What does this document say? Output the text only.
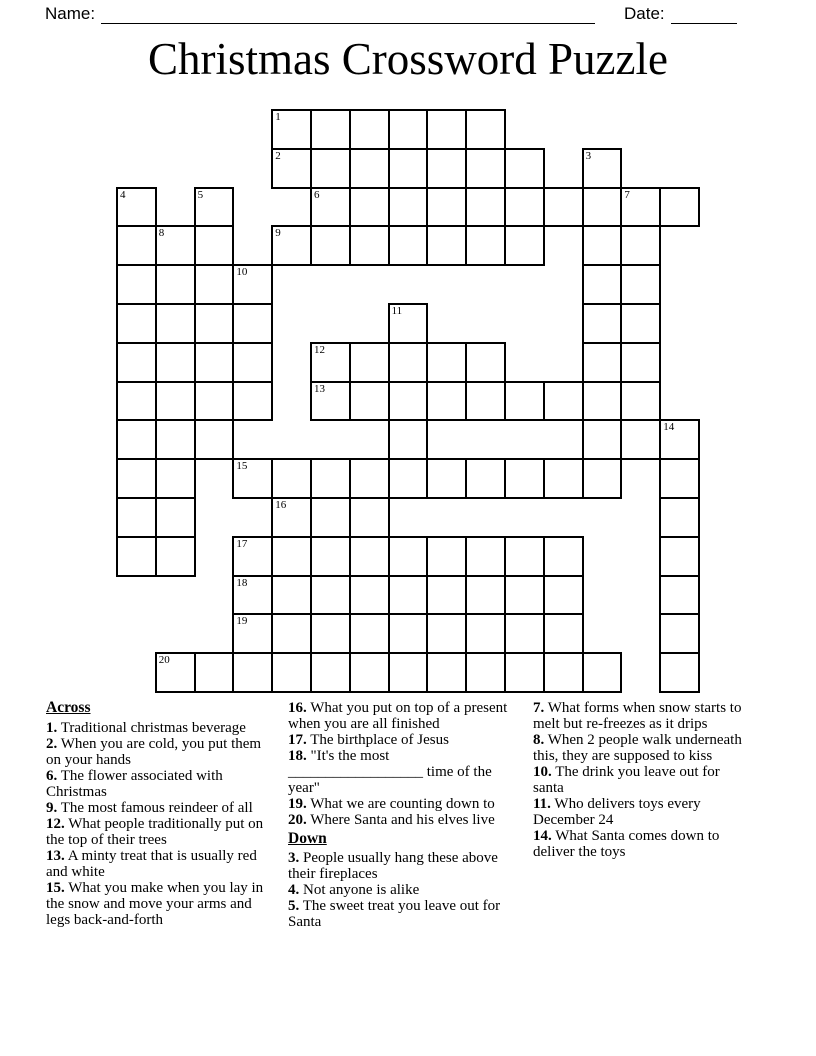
Name:	Date:
Christmas Crossword Puzzle
1
2	3
4	5	6	7
8	9
10
11
12
13
14
15
16
17
18
19
20
Across
1. Traditional christmas beverage
2. When you are cold, you put them on your hands
6. The flower associated with Christmas
9. The most famous reindeer of all
12. What people traditionally put on the top of their trees
13. A minty treat that is usually red and white
15. What you make when you lay in the snow and move your arms and legs back-and-forth
16. What you put on top of a present when you are all finished
17. The birthplace of Jesus
18. "It's the most __________________ time of the year"
19. What we are counting down to
20. Where Santa and his elves live
Down
3. People usually hang these above their fireplaces
4. Not anyone is alike
5. The sweet treat you leave out for Santa
7. What forms when snow starts to melt but re-freezes as it drips
8. When 2 people walk underneath this, they are supposed to kiss
10. The drink you leave out for santa
11. Who delivers toys every December 24
14. What Santa comes down to deliver the toys
